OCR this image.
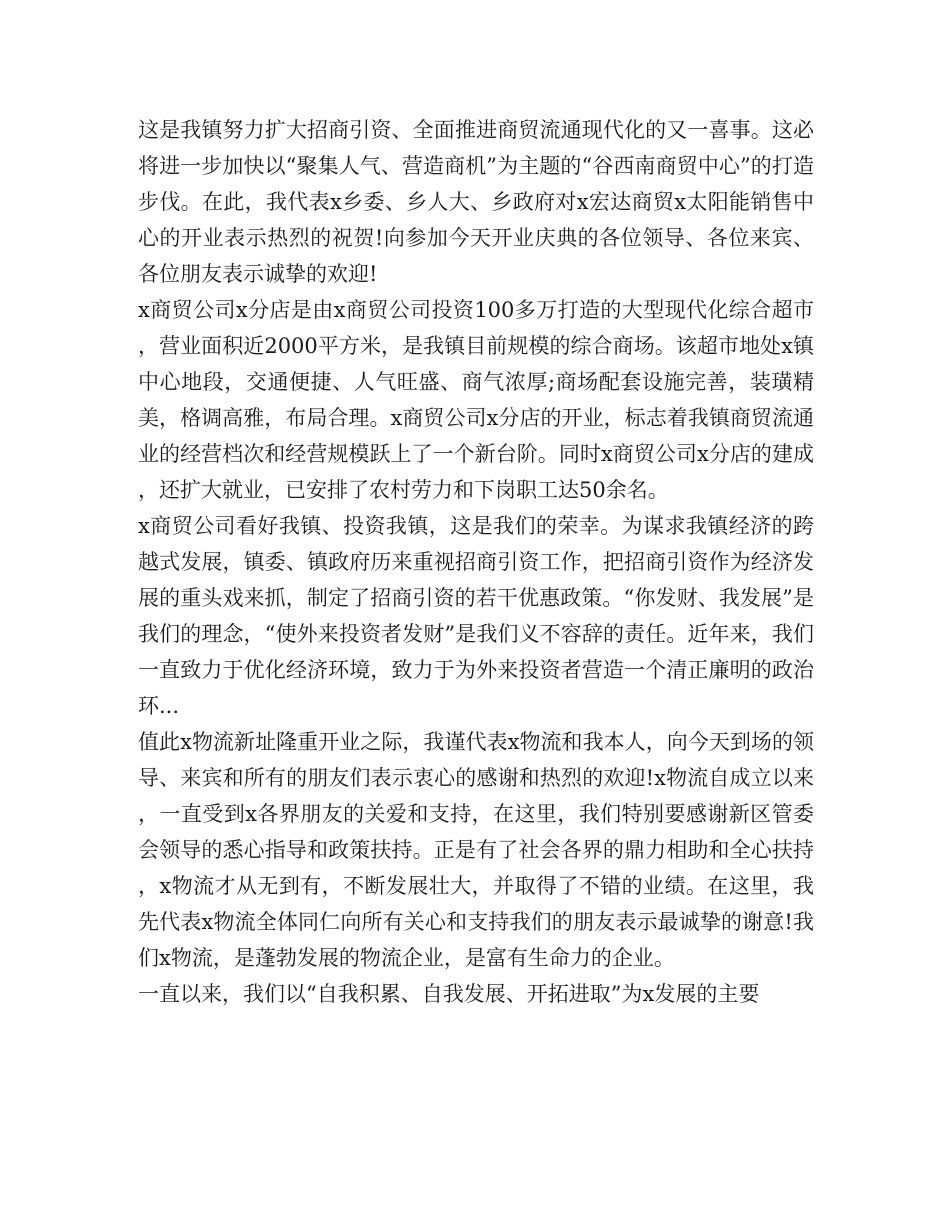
这是我镇努力扩大招商引资、全面推进商贸流通现代化的又一喜事。这必将进一步加快以“聚集人气、营造商机”为主题的“谷西南商贸中心”的打造步伐。在此，我代表x乡委、乡人大、乡政府对x宏达商贸x太阳能销售中心的开业表示热烈的祝贺!向参加今天开业庆典的各位领导、各位来宾、各位朋友表示诚挚的欢迎!

x商贸公司x分店是由x商贸公司投资100多万打造的大型现代化综合超市，营业面积近2000平方米，是我镇目前规模的综合商场。该超市地处x镇中心地段，交通便捷、人气旺盛、商气浓厚;商场配套设施完善，装璜精美，格调高雅，布局合理。x商贸公司x分店的开业，标志着我镇商贸流通业的经营档次和经营规模跃上了一个新台阶。同时x商贸公司x分店的建成，还扩大就业，已安排了农村劳力和下岗职工达50余名。

x商贸公司看好我镇、投资我镇，这是我们的荣幸。为谋求我镇经济的跨越式发展，镇委、镇政府历来重视招商引资工作，把招商引资作为经济发展的重头戏来抓，制定了招商引资的若干优惠政策。“你发财、我发展”是我们的理念，“使外来投资者发财”是我们义不容辞的责任。近年来，我们一直致力于优化经济环境，致力于为外来投资者营造一个清正廉明的政治环...

值此x物流新址隆重开业之际，我谨代表x物流和我本人，向今天到场的领导、来宾和所有的朋友们表示衷心的感谢和热烈的欢迎!x物流自成立以来，一直受到x各界朋友的关爱和支持，在这里，我们特别要感谢新区管委会领导的悉心指导和政策扶持。正是有了社会各界的鼎力相助和全心扶持，x物流才从无到有，不断发展壮大，并取得了不错的业绩。在这里，我先代表x物流全体同仁向所有关心和支持我们的朋友表示最诚挚的谢意!我们x物流，是蓬勃发展的物流企业，是富有生命力的企业。

一直以来，我们以“自我积累、自我发展、开拓进取”为x发展的主要
